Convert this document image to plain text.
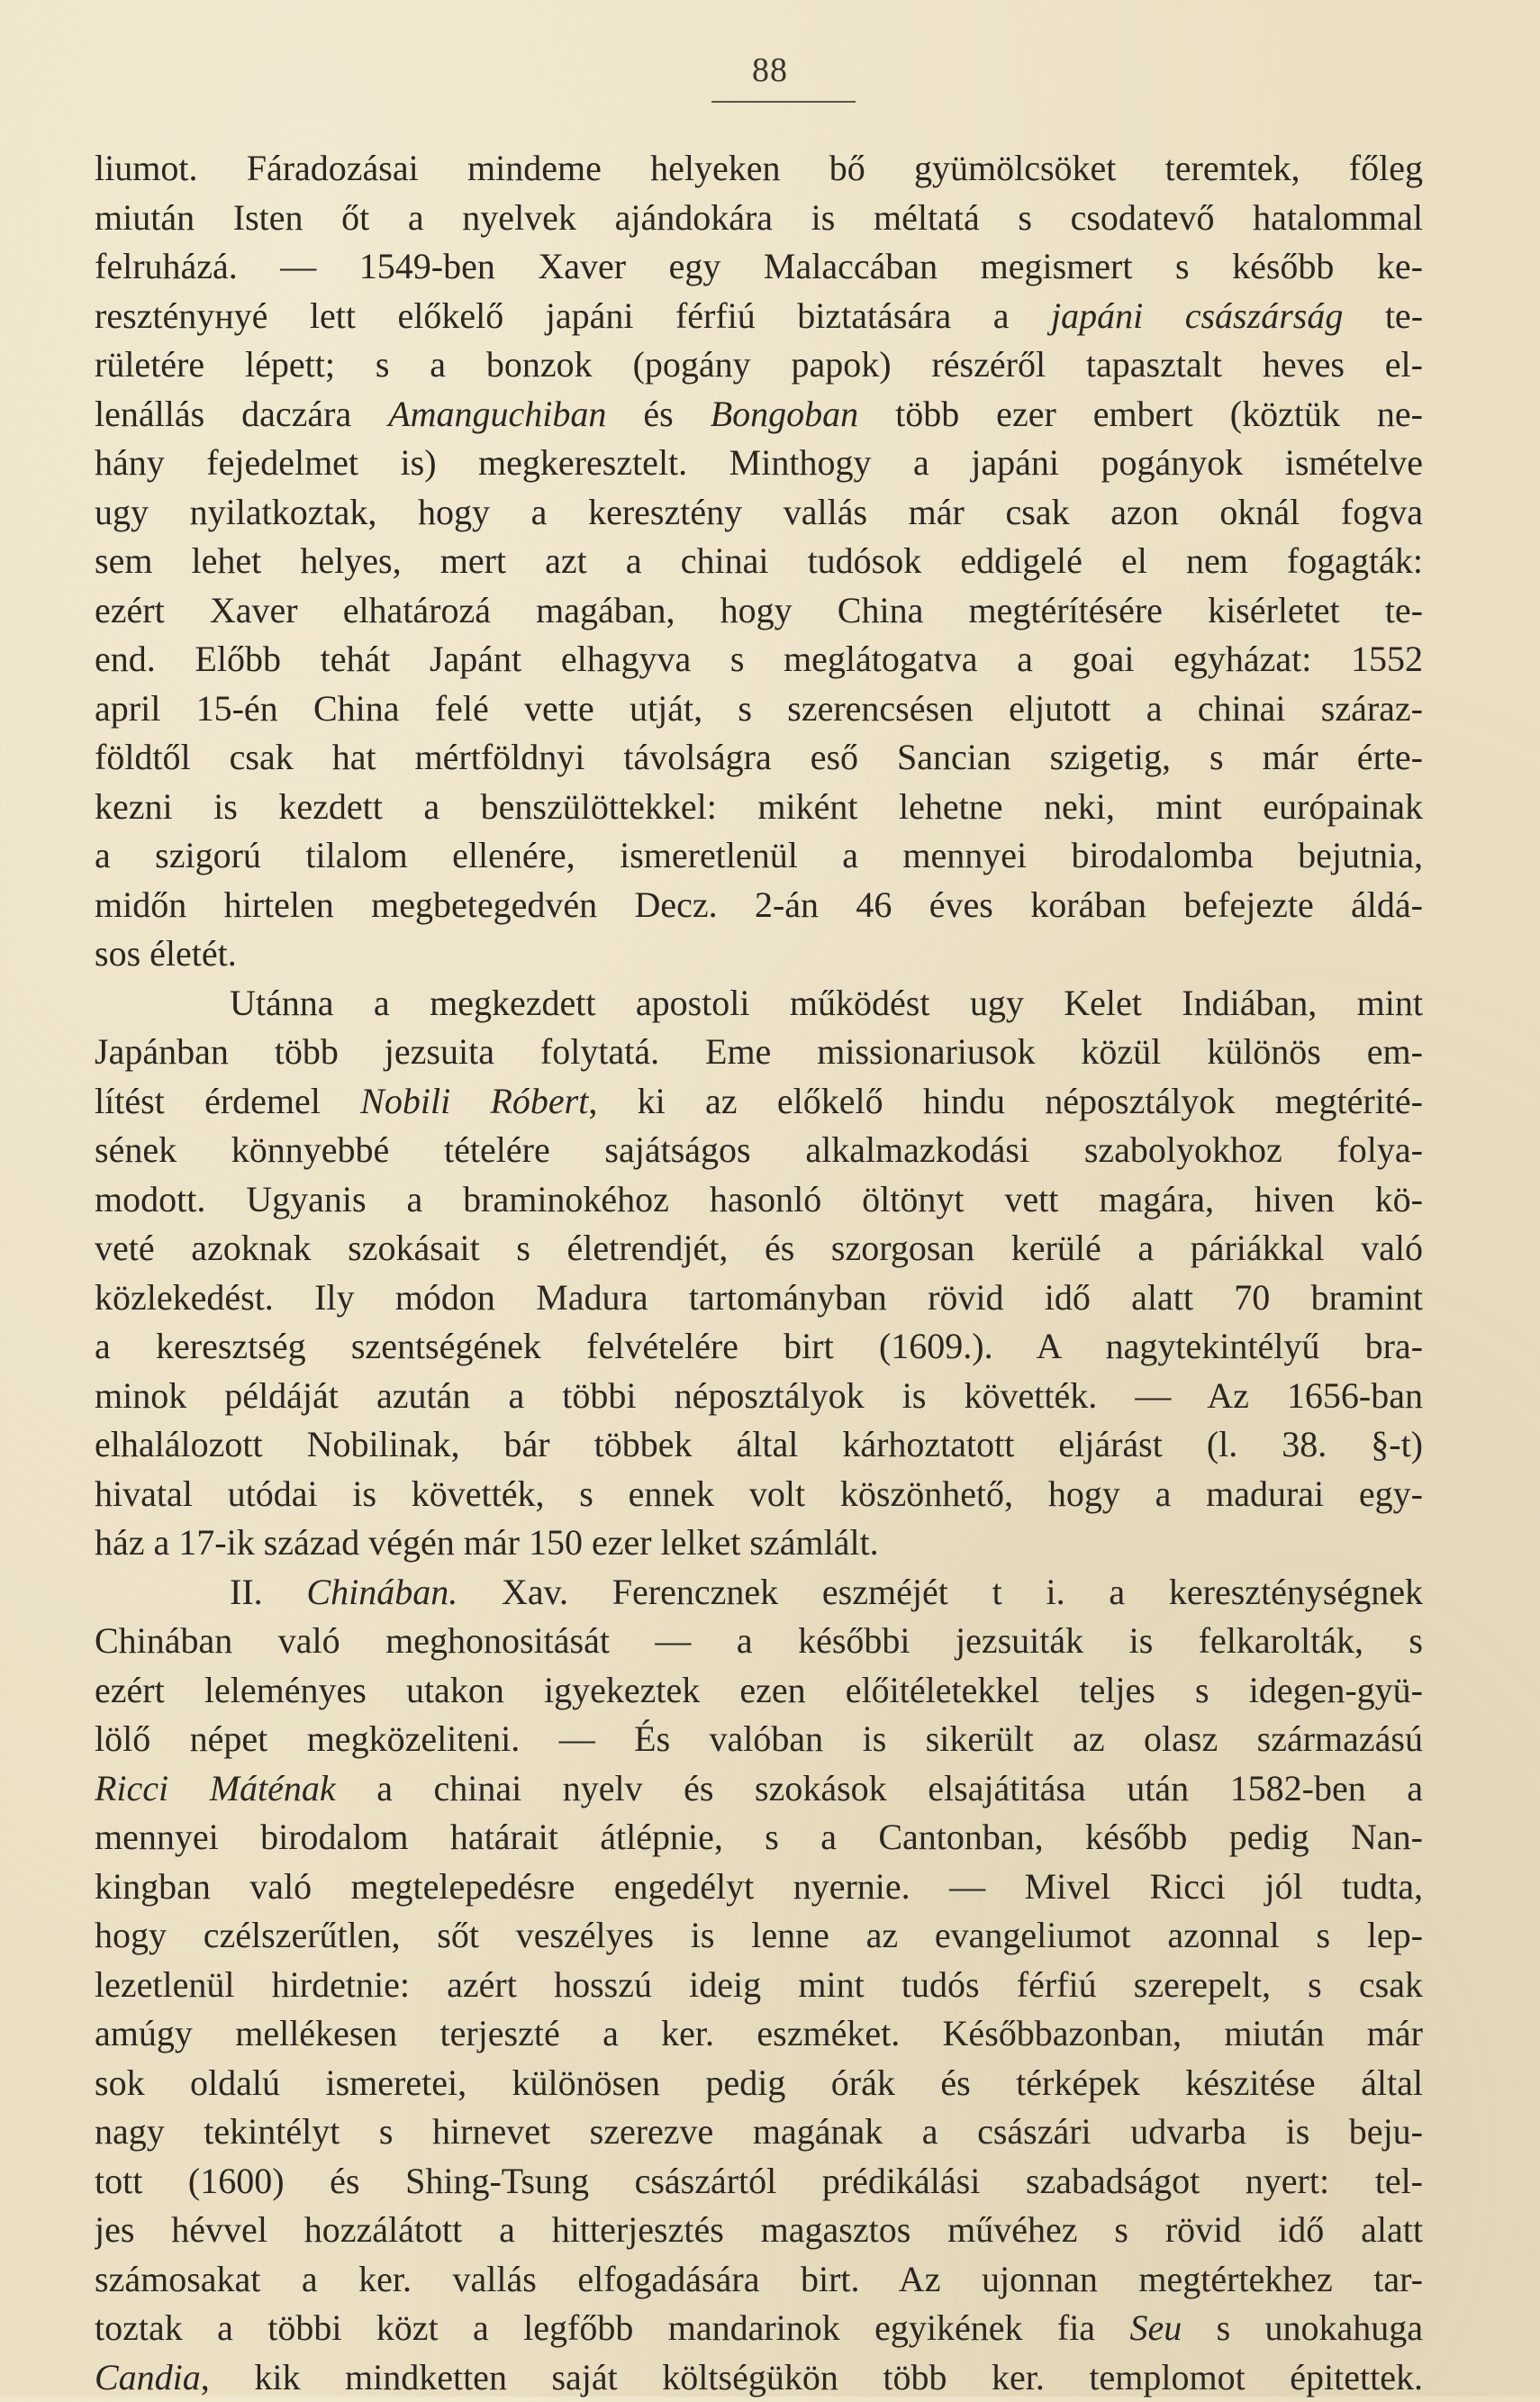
88
liumot. Fáradozásai mindeme helyeken bő gyümölcsöket teremtek, főleg
miután Isten őt a nyelvek ajándokára is méltatá s csodatevő hatalommal
felruházá. — 1549-ben Xaver egy Malaccában megismert s később ke-
resztényнyé lett előkelő japáni férfiú biztatására a japáni császárság te-
rületére lépett; s a bonzok (pogány papok) részéről tapasztalt heves el-
lenállás daczára Amanguchiban és Bongoban több ezer embert (köztük ne-
hány fejedelmet is) megkeresztelt. Minthogy a japáni pogányok ismételve
ugy nyilatkoztak, hogy a keresztény vallás már csak azon oknál fogva
sem lehet helyes, mert azt a chinai tudósok eddigelé el nem fogagták:
ezért Xaver elhatározá magában, hogy China megtérítésére kisérletet te-
end. Előbb tehát Japánt elhagyva s meglátogatva a goai egyházat: 1552
april 15-én China felé vette utját, s szerencsésen eljutott a chinai száraz-
földtől csak hat mértföldnyi távolságra eső Sancian szigetig, s már érte-
kezni is kezdett a benszülöttekkel: miként lehetne neki, mint európainak
a szigorú tilalom ellenére, ismeretlenül a mennyei birodalomba bejutnia,
midőn hirtelen megbetegedvén Decz. 2-án 46 éves korában befejezte áldá-
sos életét.
Utánna a megkezdett apostoli működést ugy Kelet Indiában, mint
Japánban több jezsuita folytatá. Eme missionariusok közül különös em-
lítést érdemel Nobili Róbert, ki az előkelő hindu néposztályok megtérité-
sének könnyebbé tételére sajátságos alkalmazkodási szabolyokhoz folya-
modott. Ugyanis a braminokéhoz hasonló öltönyt vett magára, hiven kö-
veté azoknak szokásait s életrendjét, és szorgosan kerülé a páriákkal való
közlekedést. Ily módon Madura tartományban rövid idő alatt 70 bramint
a keresztség szentségének felvételére birt (1609.). A nagytekintélyű bra-
minok példáját azután a többi néposztályok is követték. — Az 1656-ban
elhalálozott Nobilinak, bár többek által kárhoztatott eljárást (l. 38. §-t)
hivatal utódai is követték, s ennek volt köszönhető, hogy a madurai egy-
ház a 17-ik század végén már 150 ezer lelket számlált.
II. Chinában. Xav. Ferencznek eszméjét t i. a kereszténységnek
Chinában való meghonositását — a későbbi jezsuiták is felkarolták, s
ezért leleményes utakon igyekeztek ezen előitéletekkel teljes s idegen-gyü-
lölő népet megközeliteni. — És valóban is sikerült az olasz származású
Ricci Máténak a chinai nyelv és szokások elsajátitása után 1582-ben a
mennyei birodalom határait átlépnie, s a Cantonban, később pedig Nan-
kingban való megtelepedésre engedélyt nyernie. — Mivel Ricci jól tudta,
hogy czélszerűtlen, sőt veszélyes is lenne az evangeliumot azonnal s lep-
lezetlenül hirdetnie: azért hosszú ideig mint tudós férfiú szerepelt, s csak
amúgy mellékesen terjeszté a ker. eszméket. Későbbazonban, miután már
sok oldalú ismeretei, különösen pedig órák és térképek készitése által
nagy tekintélyt s hirnevet szerezve magának a császári udvarba is beju-
tott (1600) és Shing-Tsung császártól prédikálási szabadságot nyert: tel-
jes hévvel hozzálátott a hitterjesztés magasztos művéhez s rövid idő alatt
számosakat a ker. vallás elfogadására birt. Az ujonnan megtértekhez tar-
toztak a többi közt a legfőbb mandarinok egyikének fia Seu s unokahuga
Candia, kik mindketten saját költségükön több ker. templomot épitettek.
